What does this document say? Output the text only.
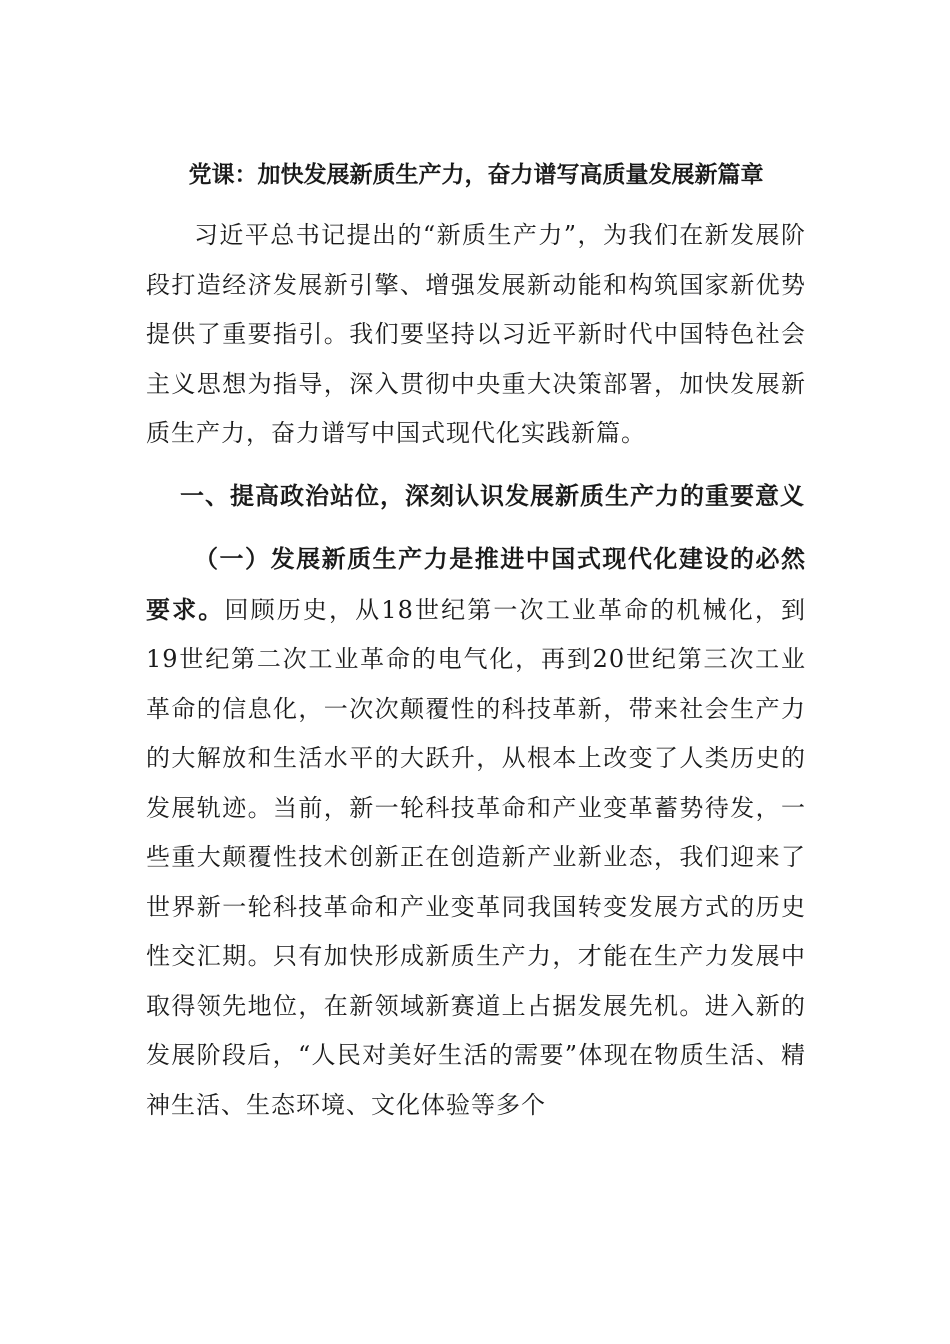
党课：加快发展新质生产力，奋力谱写高质量发展新篇章

习近平总书记提出的“新质生产力”，为我们在新发展阶段打造经济发展新引擎、增强发展新动能和构筑国家新优势提供了重要指引。我们要坚持以习近平新时代中国特色社会主义思想为指导，深入贯彻中央重大决策部署，加快发展新质生产力，奋力谱写中国式现代化实践新篇。

一、提高政治站位，深刻认识发展新质生产力的重要意义

（一）发展新质生产力是推进中国式现代化建设的必然要求。回顾历史，从18世纪第一次工业革命的机械化，到19世纪第二次工业革命的电气化，再到20世纪第三次工业革命的信息化，一次次颠覆性的科技革新，带来社会生产力的大解放和生活水平的大跃升，从根本上改变了人类历史的发展轨迹。当前，新一轮科技革命和产业变革蓄势待发，一些重大颠覆性技术创新正在创造新产业新业态，我们迎来了世界新一轮科技革命和产业变革同我国转变发展方式的历史性交汇期。只有加快形成新质生产力，才能在生产力发展中取得领先地位，在新领域新赛道上占据发展先机。进入新的发展阶段后，“人民对美好生活的需要”体现在物质生活、精神生活、生态环境、文化体验等多个
